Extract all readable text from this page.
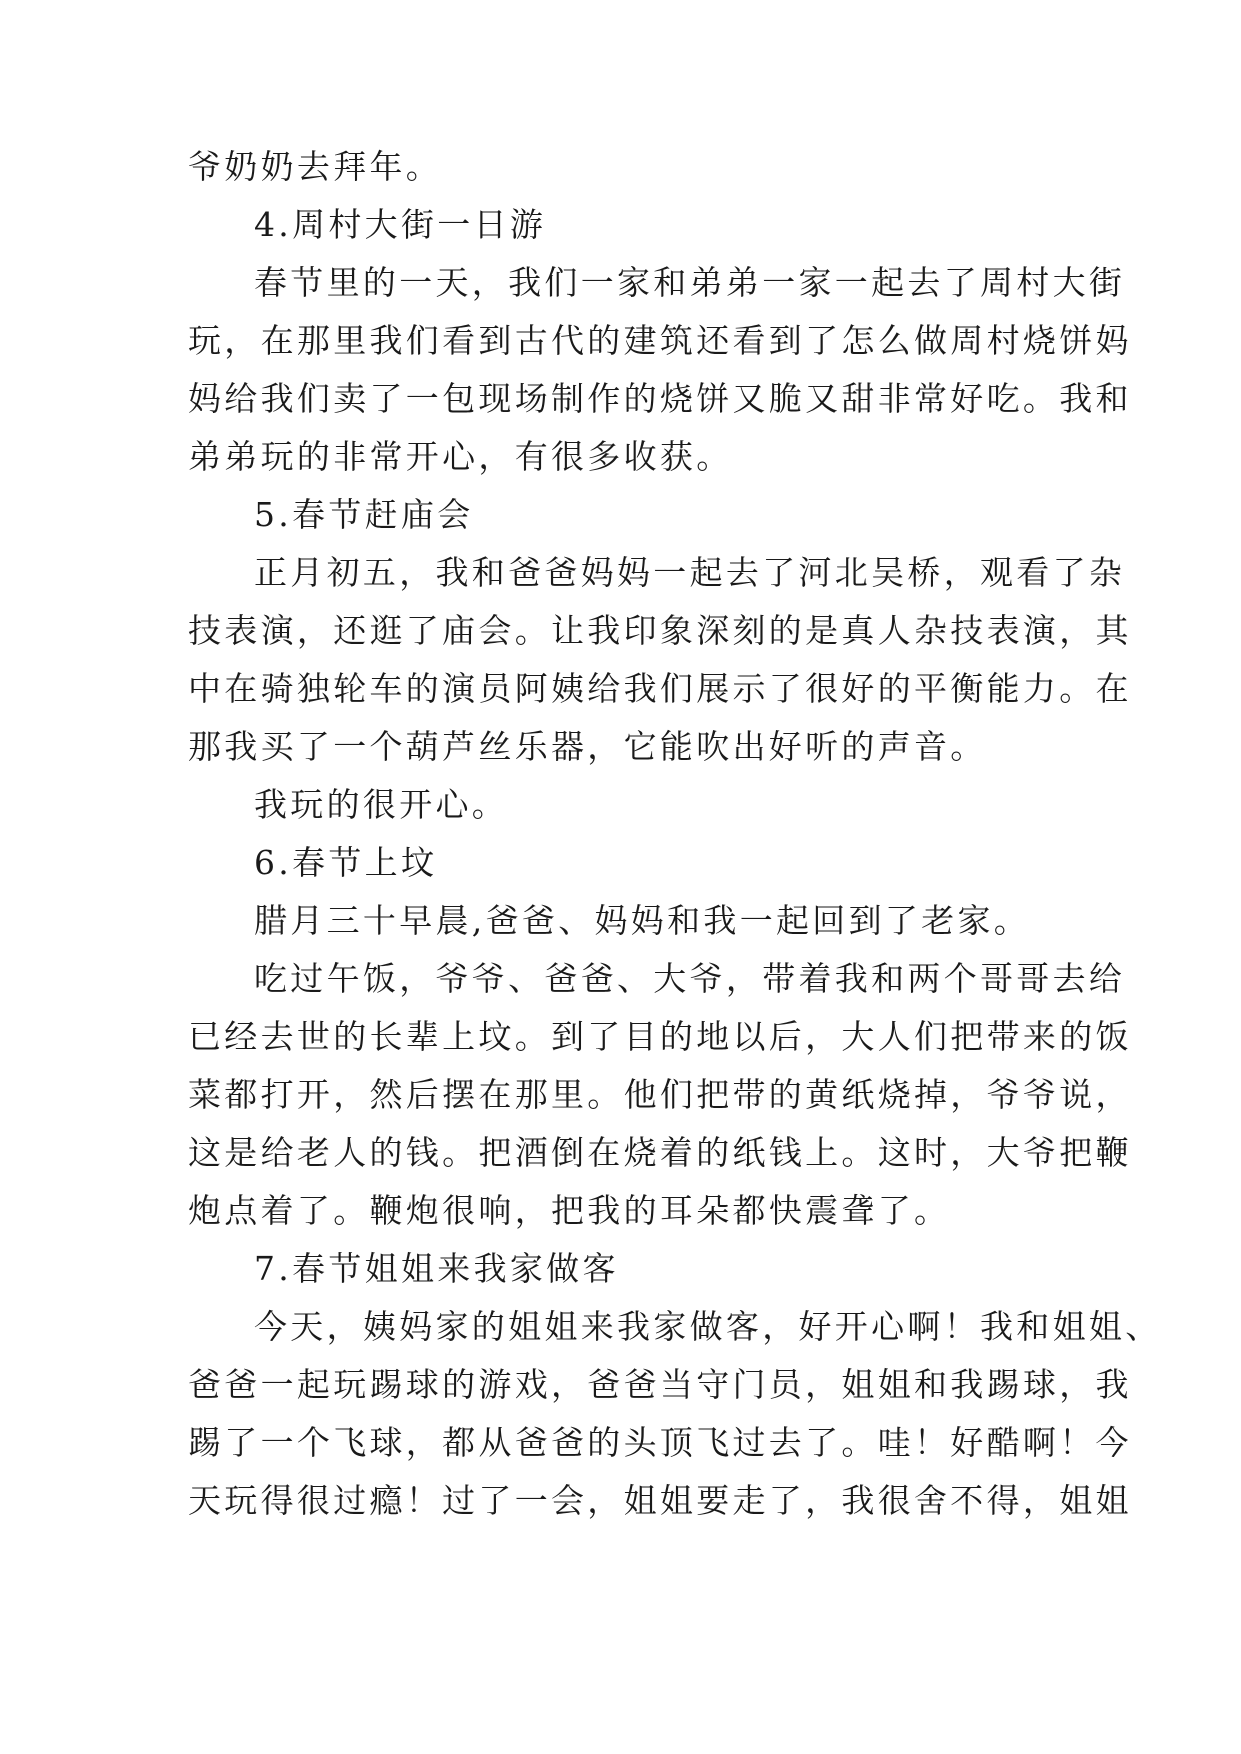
爷奶奶去拜年。
4.周村大街一日游
春节里的一天，我们一家和弟弟一家一起去了周村大街
玩，在那里我们看到古代的建筑还看到了怎么做周村烧饼妈
妈给我们卖了一包现场制作的烧饼又脆又甜非常好吃。我和
弟弟玩的非常开心，有很多收获。
5.春节赶庙会
正月初五，我和爸爸妈妈一起去了河北吴桥，观看了杂
技表演，还逛了庙会。让我印象深刻的是真人杂技表演，其
中在骑独轮车的演员阿姨给我们展示了很好的平衡能力。在
那我买了一个葫芦丝乐器，它能吹出好听的声音。
我玩的很开心。
6.春节上坟
腊月三十早晨,爸爸、妈妈和我一起回到了老家。
吃过午饭，爷爷、爸爸、大爷，带着我和两个哥哥去给
已经去世的长辈上坟。到了目的地以后，大人们把带来的饭
菜都打开，然后摆在那里。他们把带的黄纸烧掉，爷爷说，
这是给老人的钱。把酒倒在烧着的纸钱上。这时，大爷把鞭
炮点着了。鞭炮很响，把我的耳朵都快震聋了。
7.春节姐姐来我家做客
今天，姨妈家的姐姐来我家做客，好开心啊！我和姐姐、
爸爸一起玩踢球的游戏，爸爸当守门员，姐姐和我踢球，我
踢了一个飞球，都从爸爸的头顶飞过去了。哇！好酷啊！今
天玩得很过瘾！过了一会，姐姐要走了，我很舍不得，姐姐
